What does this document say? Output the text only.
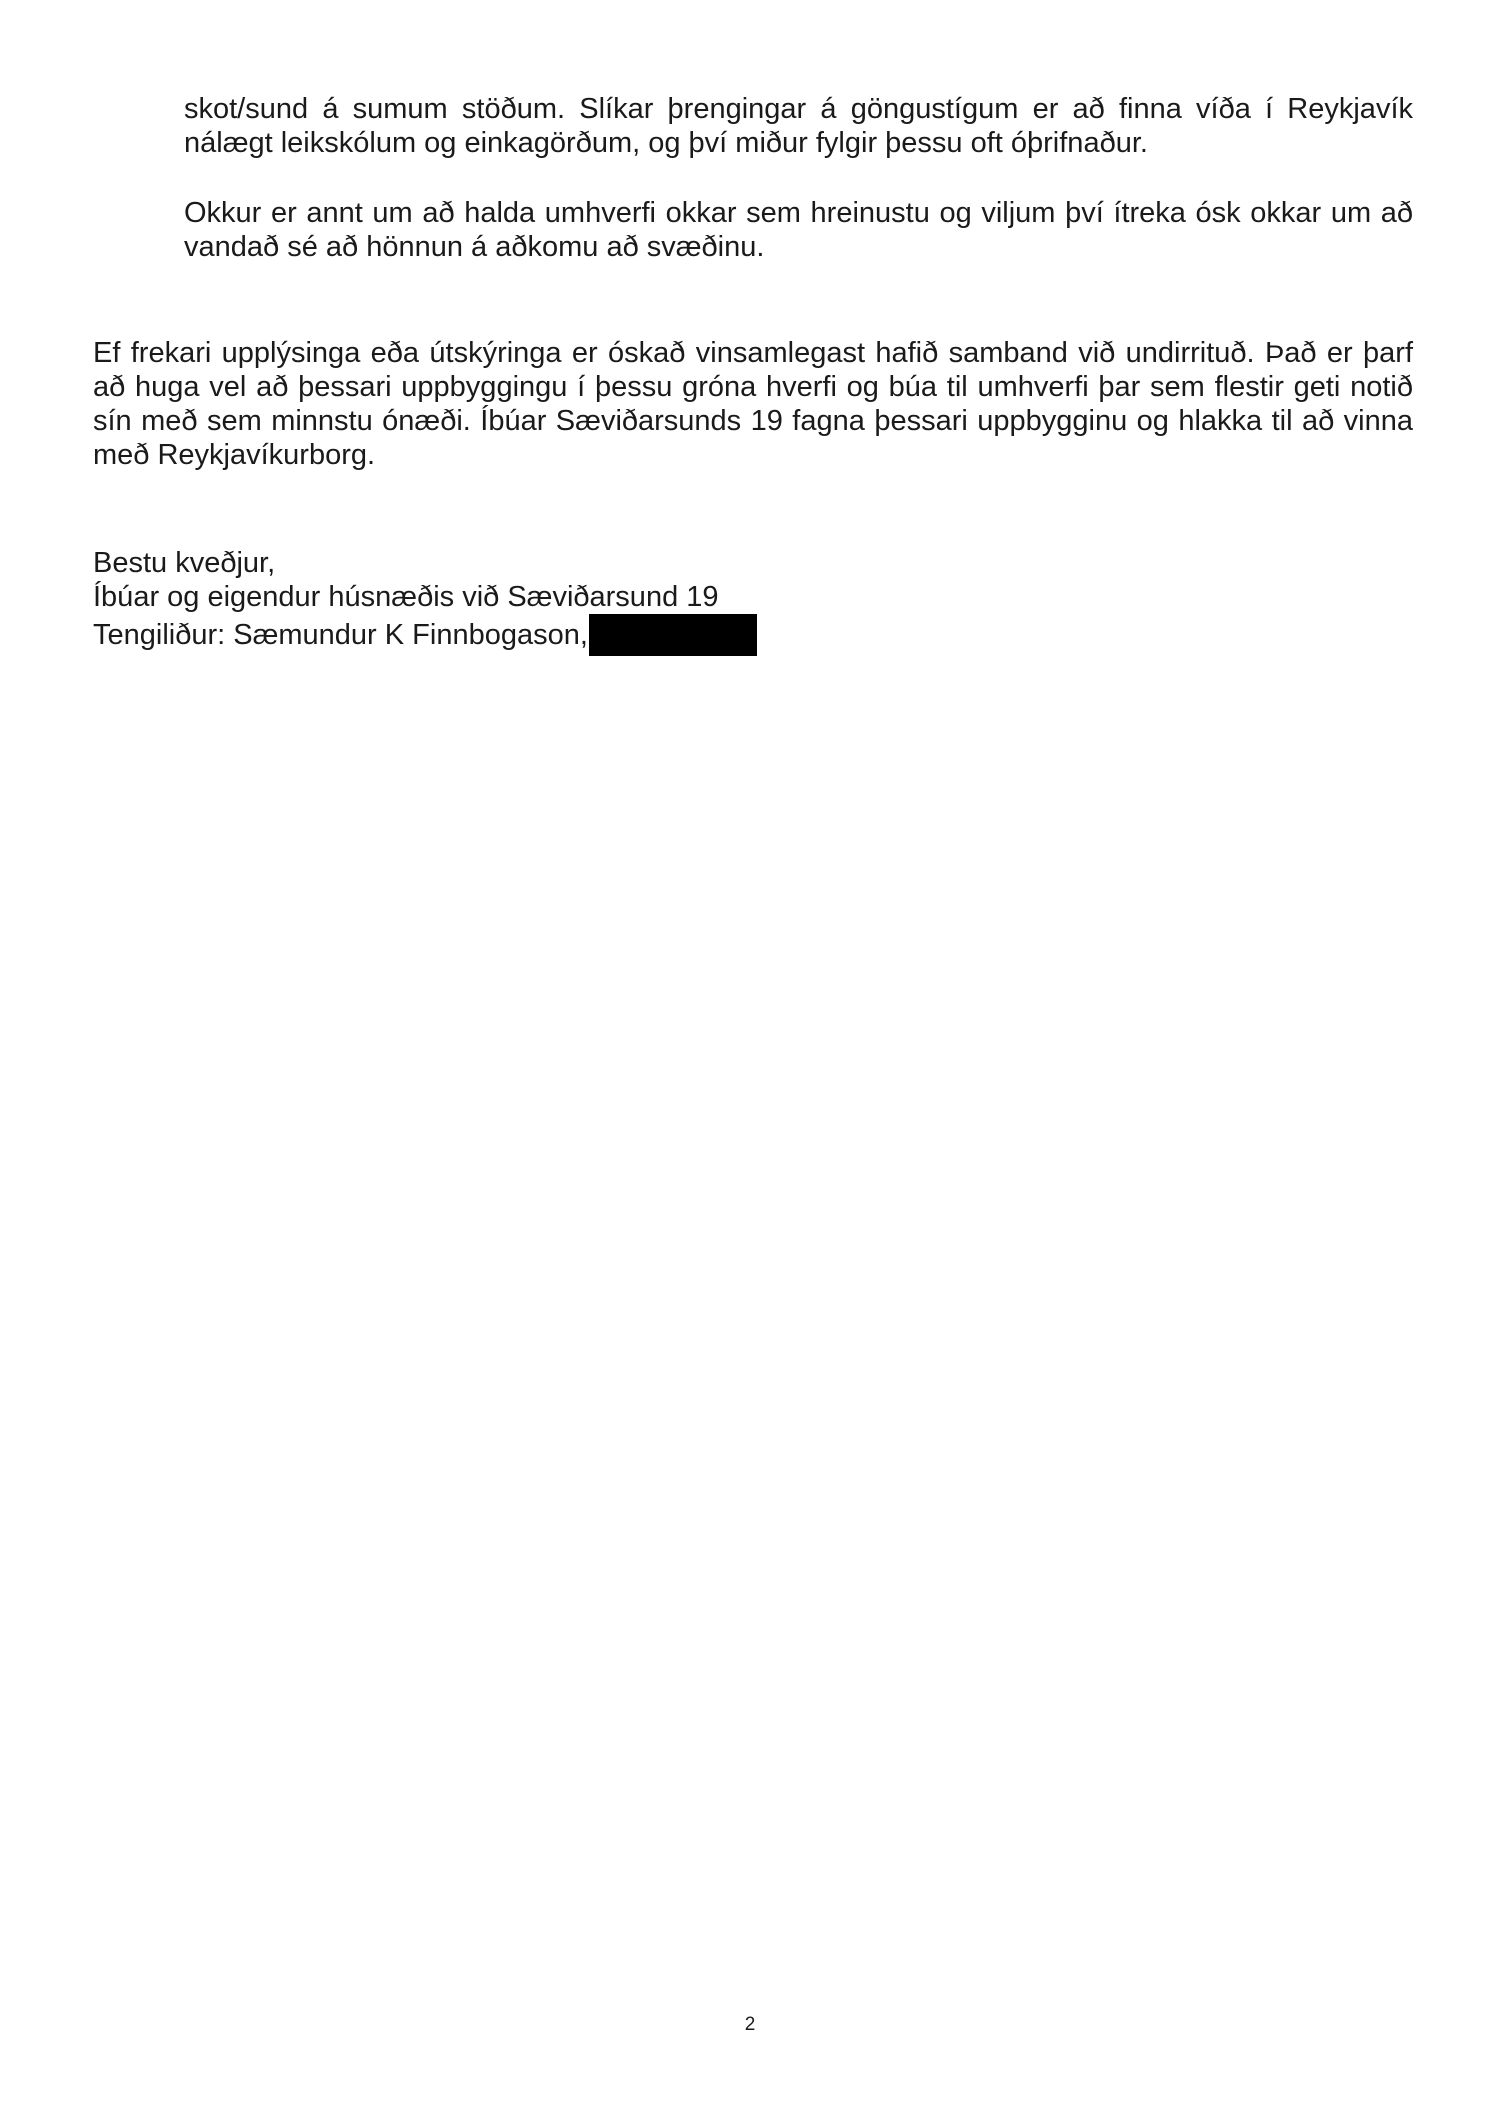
skot/sund á sumum stöðum. Slíkar þrengingar á göngustígum er að finna víða í Reykjavík nálægt leikskólum og einkagörðum, og því miður fylgir þessu oft óþrifnaður.

Okkur er annt um að halda umhverfi okkar sem hreinustu og viljum því ítreka ósk okkar um að vandað sé að hönnun á aðkomu að svæðinu.

Ef frekari upplýsinga eða útskýringa er óskað vinsamlegast hafið samband við undirrituð. Það er þarf að huga vel að þessari uppbyggingu í þessu gróna hverfi og búa til umhverfi þar sem flestir geti notið sín með sem minnstu ónæði. Íbúar Sæviðarsunds 19 fagna þessari uppbygginu og hlakka til að vinna með Reykjavíkurborg.

Bestu kveðjur,
Íbúar og eigendur húsnæðis við Sæviðarsund 19
Tengiliður: Sæmundur K Finnbogason,
2
